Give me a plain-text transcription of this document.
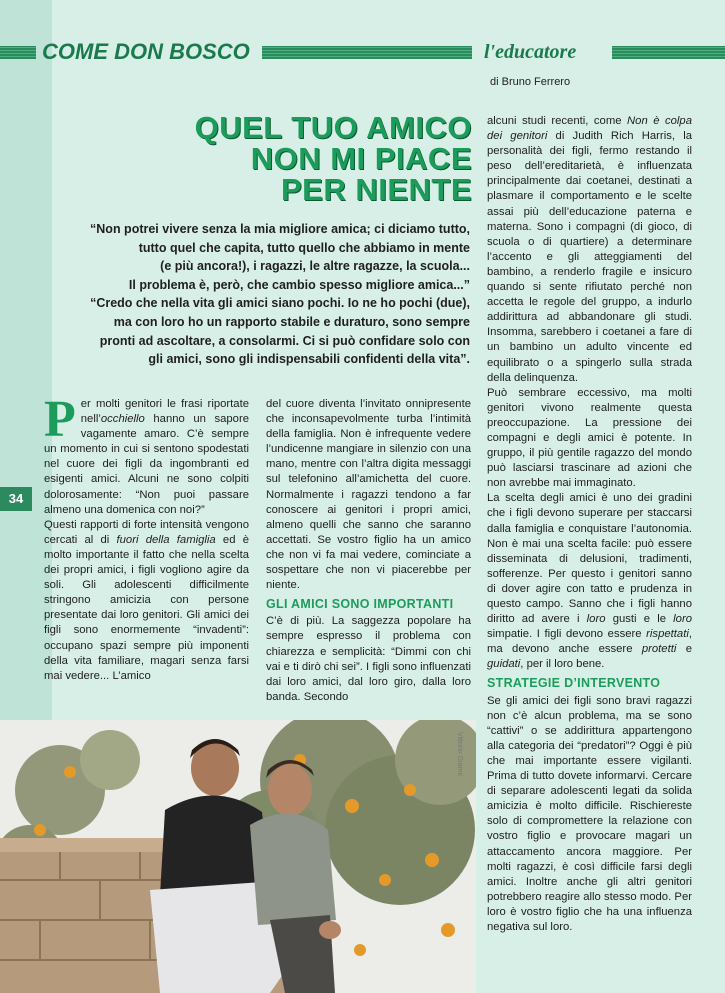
COME DON BOSCO	l'educatore
di Bruno Ferrero
QUEL TUO AMICO
NON MI PIACE
PER NIENTE
“Non potrei vivere senza la mia migliore amica; ci diciamo tutto,
tutto quel che capita, tutto quello che abbiamo in mente
(e più ancora!), i ragazzi, le altre ragazze, la scuola...
Il problema è, però, che cambio spesso migliore amica...”
“Credo che nella vita gli amici siano pochi. Io ne ho pochi (due),
ma con loro ho un rapporto stabile e duraturo, sono sempre
pronti ad ascoltare, a consolarmi. Ci si può confidare solo con
gli amici, sono gli indispensabili confidenti della vita”.
34

Per molti genitori le frasi riportate nell’occhiello hanno un sapore vagamente amaro. C’è sempre un momento in cui si sentono spodestati nel cuore dei figli da ingombranti ed esigenti amici. Alcuni ne sono colpiti dolorosamente: “Non puoi passare almeno una domenica con noi?”

Questi rapporti di forte intensità vengono cercati al di fuori della famiglia ed è molto importante il fatto che nella scelta dei propri amici, i figli vogliono agire da soli. Gli adolescenti difficilmente stringono amicizia con persone presentate dai loro genitori. Gli amici dei figli sono enormemente “invadenti”: occupano spazi sempre più imponenti della vita familiare, magari senza farsi mai vedere... L’amico

del cuore diventa l’invitato onnipresente che inconsapevolmente turba l’intimità della famiglia. Non è infrequente vedere l’undicenne mangiare in silenzio con una mano, mentre con l’altra digita messaggi sul telefonino all’amichetta del cuore. Normalmente i ragazzi tendono a far conoscere ai genitori i propri amici, almeno quelli che sanno che saranno accettati. Se vostro figlio ha un amico che non vi fa mai vedere, cominciate a sospettare che non vi piacerebbe per niente.

GLI AMICI SONO IMPORTANTI

C’è di più. La saggezza popolare ha sempre espresso il problema con chiarezza e semplicità: “Dimmi con chi vai e ti dirò chi sei”. I figli sono influenzati dai loro amici, dal loro giro, dalla loro banda. Secondo

alcuni studi recenti, come Non è colpa dei genitori di Judith Rich Harris, la personalità dei figli, fermo restando il peso dell’ereditarietà, è influenzata principalmente dai coetanei, destinati a plasmare il comportamento e le scelte assai più dell’educazione paterna e materna. Sono i compagni (di gioco, di scuola o di quartiere) a determinare l’accento e gli atteggiamenti del bambino, a renderlo fragile e insicuro quando si sente rifiutato perché non accetta le regole del gruppo, a indurlo addirittura ad abbandonare gli studi. Insomma, sarebbero i coetanei a fare di un bambino un adulto vincente ed equilibrato o a spingerlo sulla strada della delinquenza.

Può sembrare eccessivo, ma molti genitori vivono realmente questa preoccupazione. La pressione dei compagni e degli amici è potente. In gruppo, il più gentile ragazzo del mondo può lasciarsi trascinare ad azioni che non avrebbe mai immaginato.

La scelta degli amici è uno dei gradini che i figli devono superare per staccarsi dalla famiglia e conquistare l’autonomia. Non è mai una scelta facile: può essere disseminata di delusioni, tradimenti, sofferenze. Per questo i genitori sanno di dover agire con tatto e prudenza in questo campo. Sanno che i figli hanno diritto ad avere i loro gusti e le loro simpatie. I figli devono essere rispettati, ma devono anche essere protetti e guidati, per il loro bene.

STRATEGIE D’INTERVENTO

Se gli amici dei figli sono bravi ragazzi non c’è alcun problema, ma se sono “cattivi” o se addirittura appartengono alla categoria dei “predatori”? Oggi è più che mai importante essere vigilanti. Prima di tutto dovete informarvi. Cercare di separare adolescenti legati da solida amicizia è molto difficile. Rischiereste solo di compromettere la relazione con vostro figlio e provocare magari un attaccamento ancora maggiore. Per molti ragazzi, è così difficile farsi degli amici. Inoltre anche gli altri genitori potrebbero reagire allo stesso modo. Per loro è vostro figlio che ha una influenza negativa sul loro.

Vittorio Gianni
